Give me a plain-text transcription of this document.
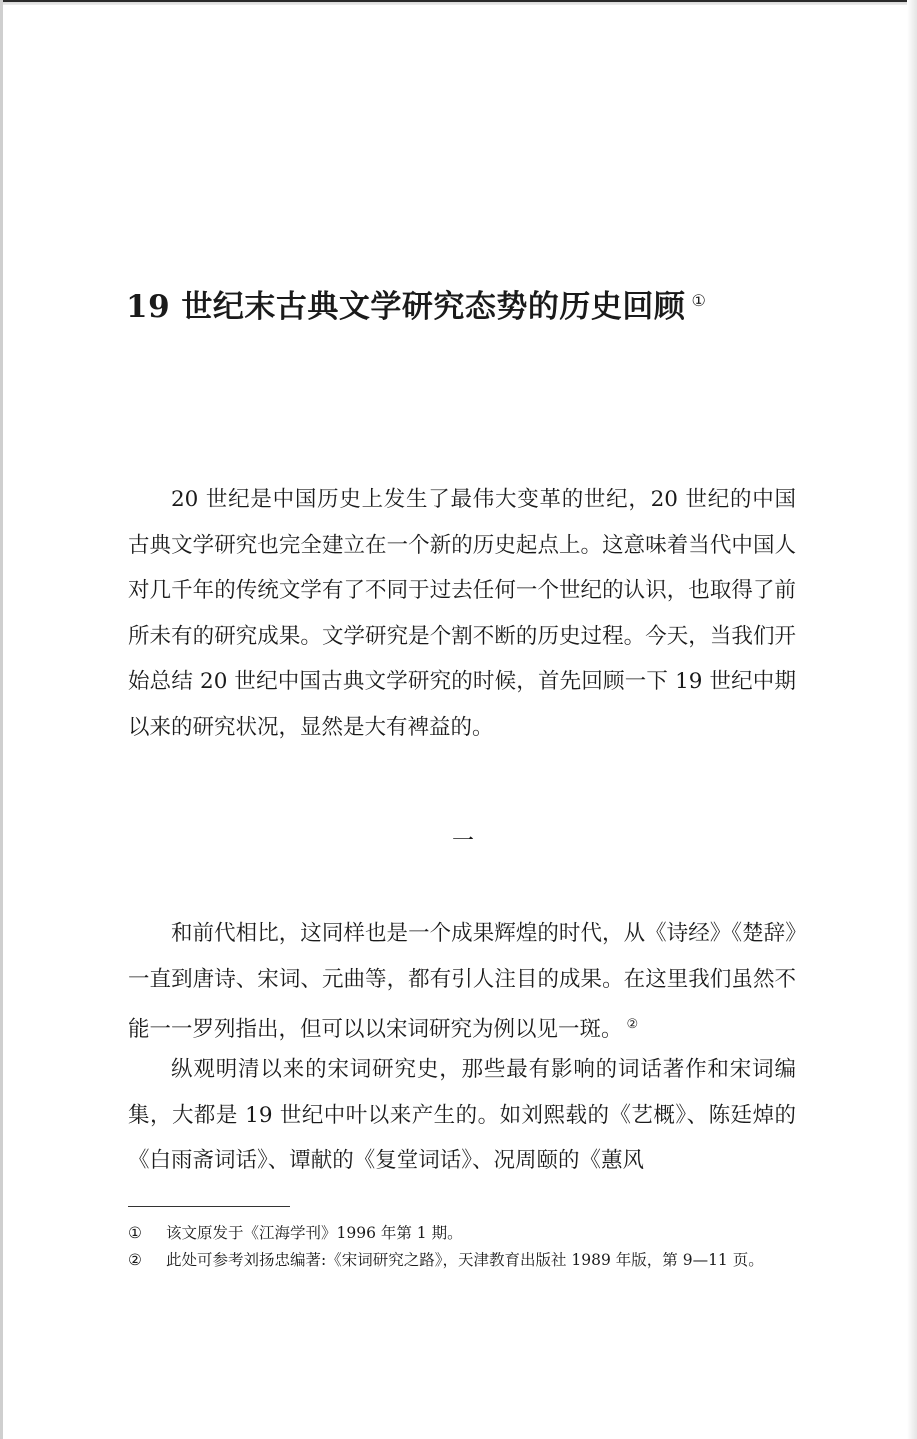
19 世纪末古典文学研究态势的历史回顾 ①

20 世纪是中国历史上发生了最伟大变革的世纪，20 世纪的中国古典文学研究也完全建立在一个新的历史起点上。这意味着当代中国人对几千年的传统文学有了不同于过去任何一个世纪的认识，也取得了前所未有的研究成果。文学研究是个割不断的历史过程。今天，当我们开始总结 20 世纪中国古典文学研究的时候，首先回顾一下 19 世纪中期以来的研究状况，显然是大有裨益的。

一

和前代相比，这同样也是一个成果辉煌的时代，从《诗经》《楚辞》一直到唐诗、宋词、元曲等，都有引人注目的成果。在这里我们虽然不能一一罗列指出，但可以以宋词研究为例以见一斑。 ②

纵观明清以来的宋词研究史，那些最有影响的词话著作和宋词编集，大都是 19 世纪中叶以来产生的。如刘熙载的《艺概》、陈廷焯的《白雨斋词话》、谭献的《复堂词话》、况周颐的《蕙风

①	该文原发于《江海学刊》1996 年第 1 期。

②	此处可参考刘扬忠编著:《宋词研究之路》，天津教育出版社 1989 年版，第 9—11 页。
